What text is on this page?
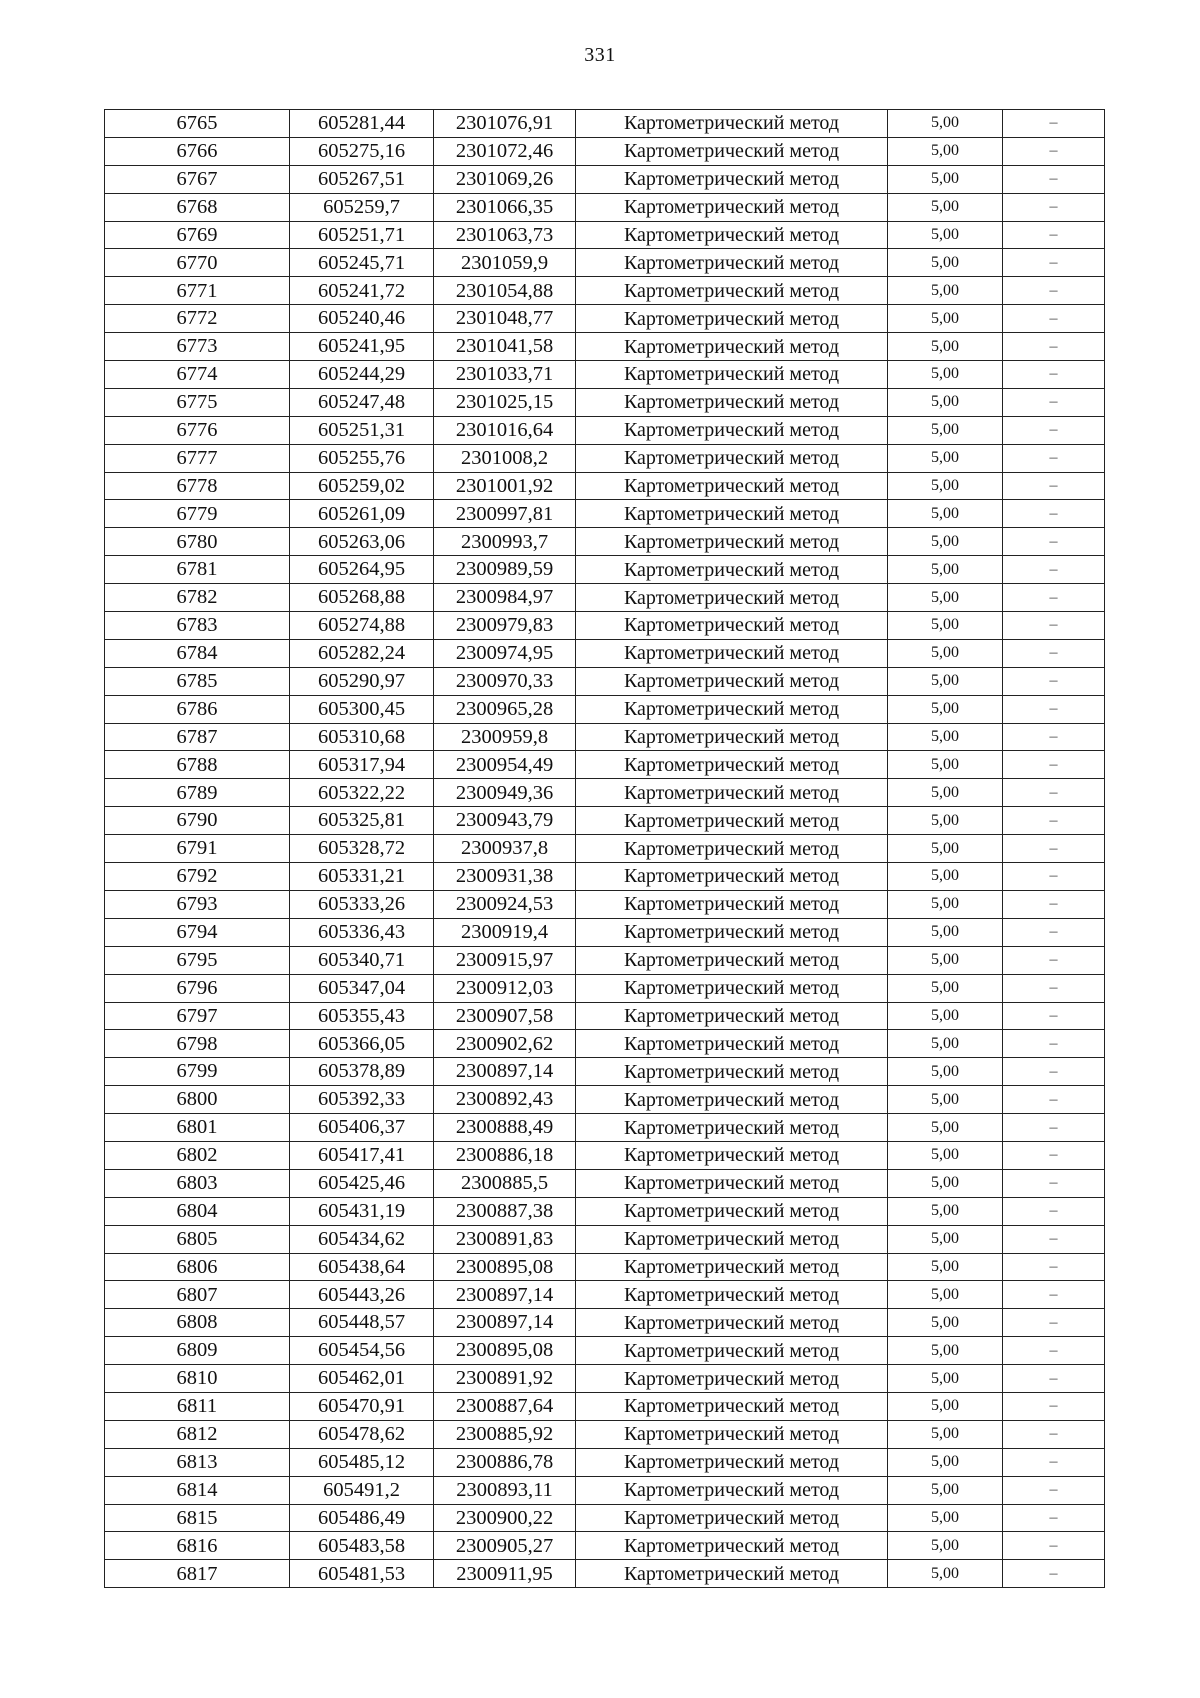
331
6765	605281,44	2301076,91	Картометрический метод	5,00	–
6766	605275,16	2301072,46	Картометрический метод	5,00	–
6767	605267,51	2301069,26	Картометрический метод	5,00	–
6768	605259,7	2301066,35	Картометрический метод	5,00	–
6769	605251,71	2301063,73	Картометрический метод	5,00	–
6770	605245,71	2301059,9	Картометрический метод	5,00	–
6771	605241,72	2301054,88	Картометрический метод	5,00	–
6772	605240,46	2301048,77	Картометрический метод	5,00	–
6773	605241,95	2301041,58	Картометрический метод	5,00	–
6774	605244,29	2301033,71	Картометрический метод	5,00	–
6775	605247,48	2301025,15	Картометрический метод	5,00	–
6776	605251,31	2301016,64	Картометрический метод	5,00	–
6777	605255,76	2301008,2	Картометрический метод	5,00	–
6778	605259,02	2301001,92	Картометрический метод	5,00	–
6779	605261,09	2300997,81	Картометрический метод	5,00	–
6780	605263,06	2300993,7	Картометрический метод	5,00	–
6781	605264,95	2300989,59	Картометрический метод	5,00	–
6782	605268,88	2300984,97	Картометрический метод	5,00	–
6783	605274,88	2300979,83	Картометрический метод	5,00	–
6784	605282,24	2300974,95	Картометрический метод	5,00	–
6785	605290,97	2300970,33	Картометрический метод	5,00	–
6786	605300,45	2300965,28	Картометрический метод	5,00	–
6787	605310,68	2300959,8	Картометрический метод	5,00	–
6788	605317,94	2300954,49	Картометрический метод	5,00	–
6789	605322,22	2300949,36	Картометрический метод	5,00	–
6790	605325,81	2300943,79	Картометрический метод	5,00	–
6791	605328,72	2300937,8	Картометрический метод	5,00	–
6792	605331,21	2300931,38	Картометрический метод	5,00	–
6793	605333,26	2300924,53	Картометрический метод	5,00	–
6794	605336,43	2300919,4	Картометрический метод	5,00	–
6795	605340,71	2300915,97	Картометрический метод	5,00	–
6796	605347,04	2300912,03	Картометрический метод	5,00	–
6797	605355,43	2300907,58	Картометрический метод	5,00	–
6798	605366,05	2300902,62	Картометрический метод	5,00	–
6799	605378,89	2300897,14	Картометрический метод	5,00	–
6800	605392,33	2300892,43	Картометрический метод	5,00	–
6801	605406,37	2300888,49	Картометрический метод	5,00	–
6802	605417,41	2300886,18	Картометрический метод	5,00	–
6803	605425,46	2300885,5	Картометрический метод	5,00	–
6804	605431,19	2300887,38	Картометрический метод	5,00	–
6805	605434,62	2300891,83	Картометрический метод	5,00	–
6806	605438,64	2300895,08	Картометрический метод	5,00	–
6807	605443,26	2300897,14	Картометрический метод	5,00	–
6808	605448,57	2300897,14	Картометрический метод	5,00	–
6809	605454,56	2300895,08	Картометрический метод	5,00	–
6810	605462,01	2300891,92	Картометрический метод	5,00	–
6811	605470,91	2300887,64	Картометрический метод	5,00	–
6812	605478,62	2300885,92	Картометрический метод	5,00	–
6813	605485,12	2300886,78	Картометрический метод	5,00	–
6814	605491,2	2300893,11	Картометрический метод	5,00	–
6815	605486,49	2300900,22	Картометрический метод	5,00	–
6816	605483,58	2300905,27	Картометрический метод	5,00	–
6817	605481,53	2300911,95	Картометрический метод	5,00	–
